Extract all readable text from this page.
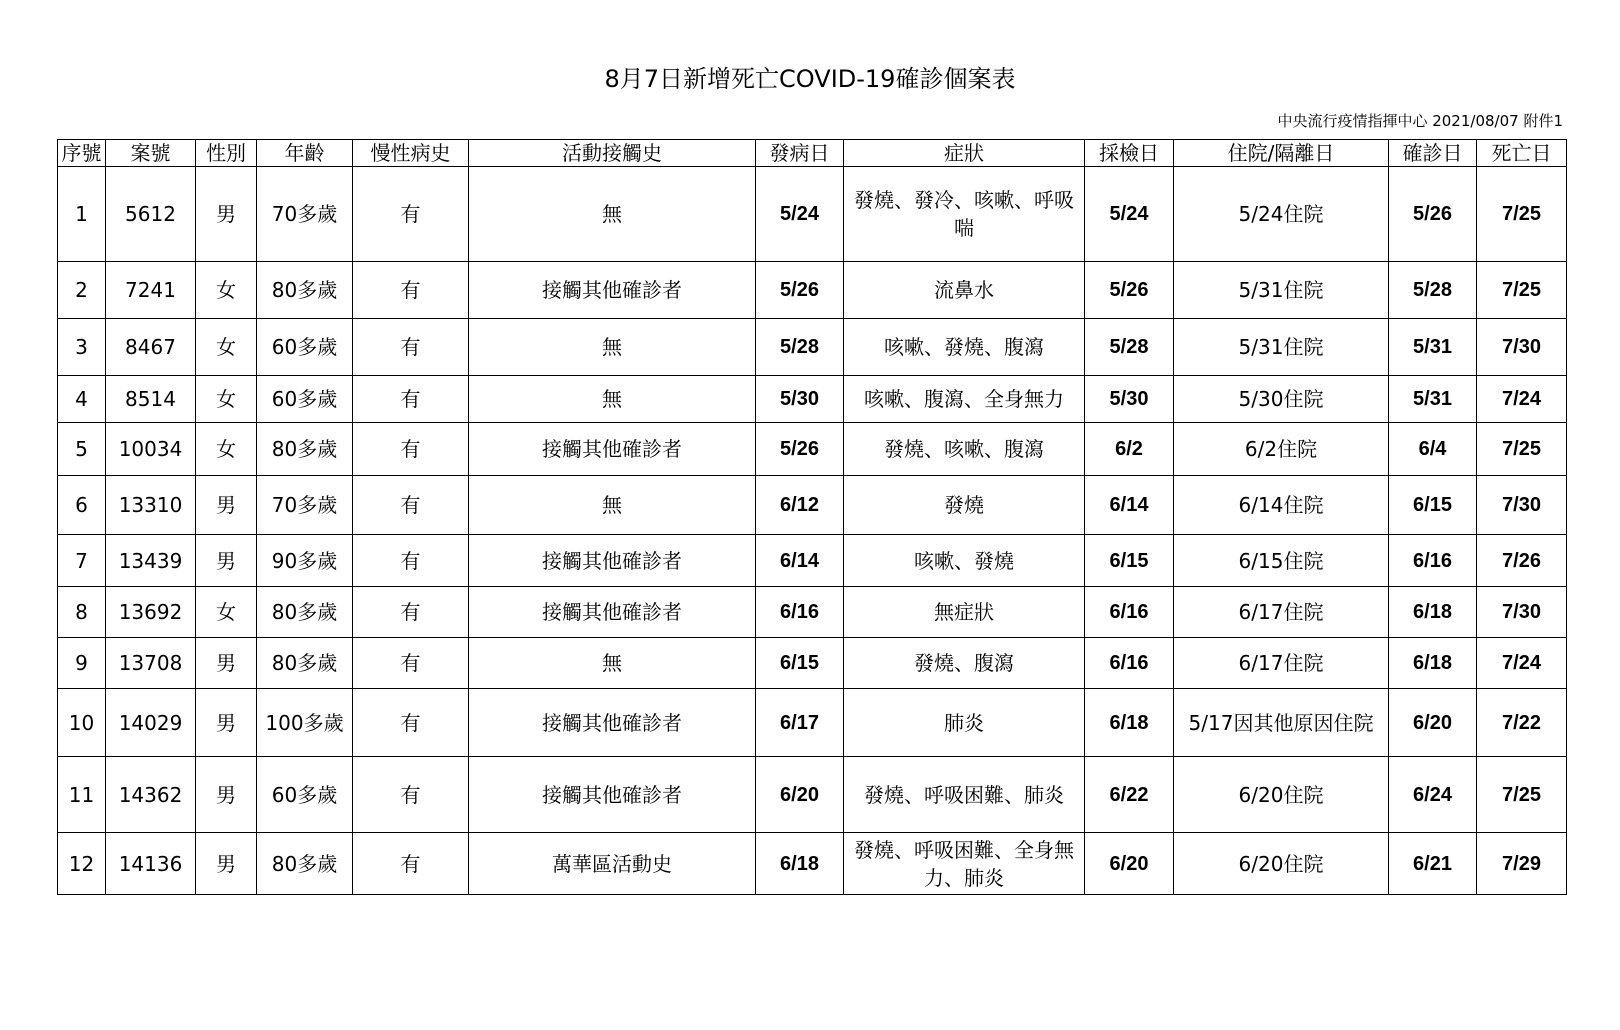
8月7日新增死亡COVID-19確診個案表
中央流行疫情指揮中心 2021/08/07 附件1
序號	案號	性別	年齡	慢性病史	活動接觸史	發病日	症狀	採檢日	住院/隔離日	確診日	死亡日
1	5612	男	70多歲	有	無	5/24	發燒、發冷、咳嗽、呼吸喘	5/24	5/24住院	5/26	7/25
2	7241	女	80多歲	有	接觸其他確診者	5/26	流鼻水	5/26	5/31住院	5/28	7/25
3	8467	女	60多歲	有	無	5/28	咳嗽、發燒、腹瀉	5/28	5/31住院	5/31	7/30
4	8514	女	60多歲	有	無	5/30	咳嗽、腹瀉、全身無力	5/30	5/30住院	5/31	7/24
5	10034	女	80多歲	有	接觸其他確診者	5/26	發燒、咳嗽、腹瀉	6/2	6/2住院	6/4	7/25
6	13310	男	70多歲	有	無	6/12	發燒	6/14	6/14住院	6/15	7/30
7	13439	男	90多歲	有	接觸其他確診者	6/14	咳嗽、發燒	6/15	6/15住院	6/16	7/26
8	13692	女	80多歲	有	接觸其他確診者	6/16	無症狀	6/16	6/17住院	6/18	7/30
9	13708	男	80多歲	有	無	6/15	發燒、腹瀉	6/16	6/17住院	6/18	7/24
10	14029	男	100多歲	有	接觸其他確診者	6/17	肺炎	6/18	5/17因其他原因住院	6/20	7/22
11	14362	男	60多歲	有	接觸其他確診者	6/20	發燒、呼吸困難、肺炎	6/22	6/20住院	6/24	7/25
12	14136	男	80多歲	有	萬華區活動史	6/18	發燒、呼吸困難、全身無力、肺炎	6/20	6/20住院	6/21	7/29
